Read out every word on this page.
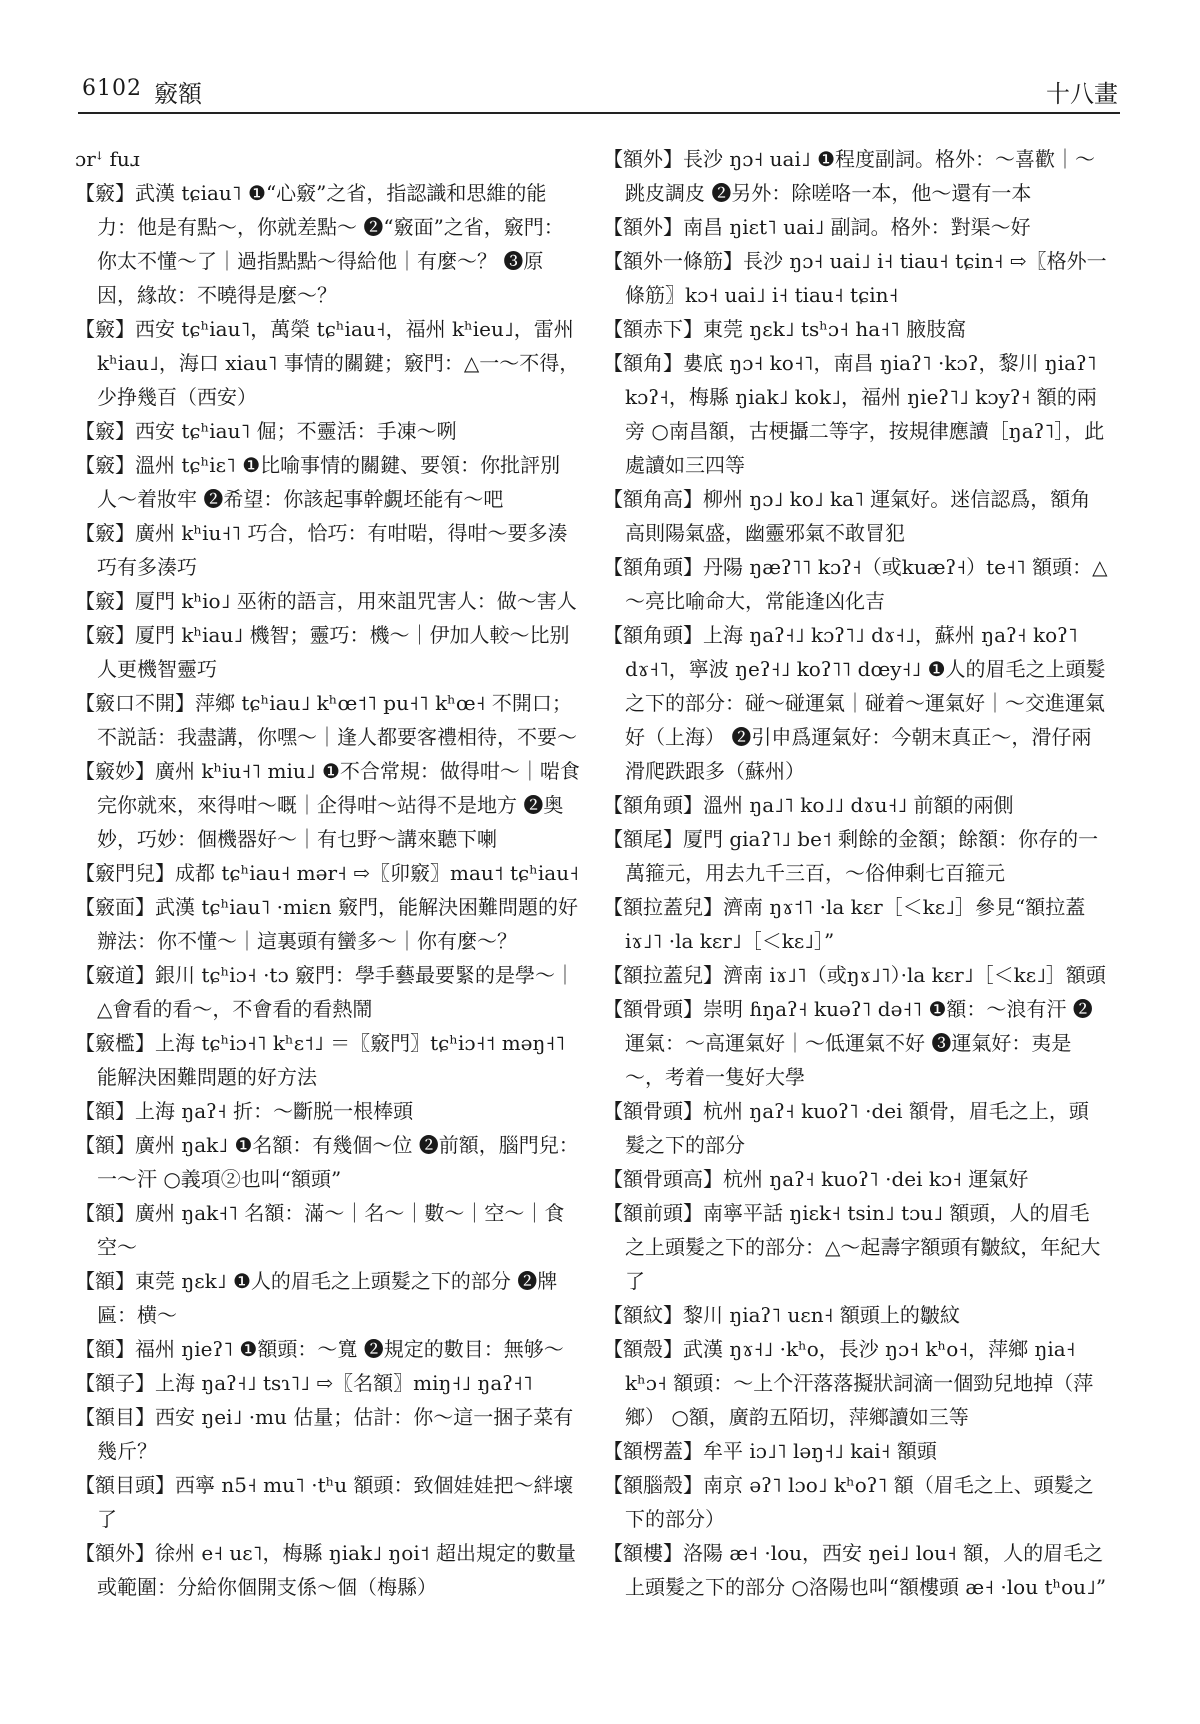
6102 竅額	十八畫
ɔrꜜ fuɹ
【竅】武漢 tɕiau˥ ❶“心竅”之省，指認識和思維的能力：他是有點～，你就差點～ ❷“竅面”之省，竅門：你太不懂～了｜過指點點～得給他｜有麼～？ ❸原因，緣故：不曉得是麼～？
【竅】西安 tɕʰiau˥，萬榮 tɕʰiau˧，福州 kʰieu˩，雷州 kʰiau˩，海口 xiau˥ 事情的關鍵；竅門：△一～不得，少挣幾百（西安）
【竅】西安 tɕʰiau˥ 倔；不靈活：手凍～咧
【竅】溫州 tɕʰiɛ˥ ❶比喻事情的關鍵、要領：你批評別人～着妝牢 ❷希望：你該起事幹覷坯能有～吧
【竅】廣州 kʰiu˧˥ 巧合，恰巧：有咁啱，得咁～要多湊巧有多湊巧
【竅】厦門 kʰio˩ 巫術的語言，用來詛咒害人：做～害人
【竅】厦門 kʰiau˩ 機智；靈巧：機～｜伊加人較～比别人更機智靈巧
【竅口不開】萍鄉 tɕʰiau˩ kʰœ˦˥ pu˧˥ kʰœ˧ 不開口；不説話：我盡講，你嘿～｜逢人都要客禮相待，不要～
【竅妙】廣州 kʰiu˧˥ miu˩ ❶不合常規：做得咁～｜啱食完你就來，來得咁～嘅｜企得咁～站得不是地方 ❷奥妙，巧妙：個機器好～｜有乜野～講來聽下喇
【竅門兒】成都 tɕʰiau˧ mər˧ ⇨〖卯竅〗mau˦ tɕʰiau˧
【竅面】武漢 tɕʰiau˥ ·miɛn 竅門，能解決困難問題的好辦法：你不懂～｜這裏頭有蠻多～｜你有麼～？
【竅道】銀川 tɕʰiɔ˧ ·tɔ 竅門：學手藝最要緊的是學～｜△會看的看～，不會看的看熱鬧
【竅檻】上海 tɕʰiɔ˧˥ kʰɛ˦˩ ＝〖竅門〗tɕʰiɔ˧˦ məŋ˧˥ 能解決困難問題的好方法
【額】上海 ŋaʔ˧ 折：～斷脱一根棒頭
【額】廣州 ŋak˩ ❶名額：有幾個～位 ❷前額，腦門兒：一～汗 ○義項②也叫“額頭”
【額】廣州 ŋak˧˥ 名額：滿～｜名～｜數～｜空～｜食空～
【額】東莞 ŋɛk˩ ❶人的眉毛之上頭髮之下的部分 ❷牌匾：横～
【額】福州 ŋieʔ˥ ❶額頭：～寬 ❷規定的數目：無够～
【額子】上海 ŋaʔ˧˩ tsɿ˥˩ ⇨〖名額〗miŋ˧˩ ŋaʔ˧˥
【額目】西安 ŋei˩ ·mu 估量；估計：你～這一捆子菜有幾斤？
【額目頭】西寧 n5˧ mu˥ ·tʰu 額頭：致個娃娃把～絆壞了
【額外】徐州 e˧ uɛ˥，梅縣 ŋiak˩ ŋoi˦ 超出規定的數量或範圍：分給你個開支係～個（梅縣）
【額外】長沙 ŋɔ˧ uai˩ ❶程度副詞。格外：～喜歡｜～跳皮調皮 ❷另外：除嗟咯一本，他～還有一本
【額外】南昌 ŋiɛt˥ uai˩ 副詞。格外：對渠～好
【額外一條筋】長沙 ŋɔ˧ uai˩ i˧ tiau˧ tɕin˧ ⇨〖格外一條筋〗kɔ˧ uai˩ i˧ tiau˧ tɕin˧
【額赤下】東莞 ŋɛk˩ tsʰɔ˧ ha˧˥ 腋肢窩
【額角】婁底 ŋɔ˧ ko˧˥，南昌 ŋiaʔ˥ ·kɔʔ，黎川 ŋiaʔ˥ kɔʔ˧，梅縣 ŋiak˩ kok˩，福州 ŋieʔ˥˩ kɔyʔ˧ 額的兩旁 ○南昌額，古梗攝二等字，按規律應讀［ŋaʔ˥］，此處讀如三四等
【額角高】柳州 ŋɔ˩ ko˩ ka˥ 運氣好。迷信認爲，額角高則陽氣盛，幽靈邪氣不敢冒犯
【額角頭】丹陽 ŋæʔ˥˥ kɔʔ˧（或kuæʔ˧）te˧˥ 額頭：△～亮比喻命大，常能逢凶化吉
【額角頭】上海 ŋaʔ˧˩ kɔʔ˥˩ dɤ˧˩，蘇州 ŋaʔ˧ koʔ˥ dɤ˧˥，寧波 ŋeʔ˧˩ koʔ˥˥ dœy˧˩ ❶人的眉毛之上頭髮之下的部分：碰～碰運氣｜碰着～運氣好｜～交進運氣好（上海） ❷引申爲運氣好：今朝末真正～，滑仔兩滑爬跌跟多（蘇州）
【額角頭】溫州 ŋa˩˥ ko˩˩ dɤu˧˩ 前額的兩側
【額尾】厦門 giaʔ˥˩ be˦ 剩餘的金額；餘額：你存的一萬箍元，用去九千三百，～俗伸剩七百箍元
【額拉蓋兒】濟南 ŋɤ˦˥ ·la kɛr［＜kɛ˩］參見“額拉蓋 iɤ˩˥ ·la kɛr˩［＜kɛ˩］”
【額拉蓋兒】濟南 iɤ˩˥（或ŋɤ˩˥）·la kɛr˩［＜kɛ˩］額頭
【額骨頭】崇明 ɦŋaʔ˧ kuəʔ˥ də˧˥ ❶額：～浪有汗 ❷運氣：～高運氣好｜～低運氣不好 ❸運氣好：夷是～，考着一隻好大學
【額骨頭】杭州 ŋaʔ˧ kuoʔ˥ ·dei 額骨，眉毛之上，頭髮之下的部分
【額骨頭高】杭州 ŋaʔ˧ kuoʔ˥ ·dei kɔ˧ 運氣好
【額前頭】南寧平話 ŋiɛk˧ tsin˩ tɔu˩ 額頭，人的眉毛之上頭髮之下的部分：△～起壽字額頭有皺紋，年紀大了
【額紋】黎川 ŋiaʔ˥ uɛn˧ 額頭上的皺紋
【額殼】武漢 ŋɤ˧˩ ·kʰo，長沙 ŋɔ˧ kʰo˧，萍鄉 ŋia˧ kʰɔ˧ 額頭：～上个汗落落擬狀詞滴一個勁兒地掉（萍鄉） ○額，廣韵五陌切，萍鄉讀如三等
【額楞蓋】牟平 iɔ˩˥ ləŋ˧˩ kai˧ 額頭
【額腦殼】南京 əʔ˥ lɔo˩ kʰoʔ˥ 額（眉毛之上、頭髮之下的部分）
【額樓】洛陽 æ˧ ·lou，西安 ŋei˩ lou˧ 額，人的眉毛之上頭髮之下的部分 ○洛陽也叫“額樓頭 æ˧ ·lou tʰou˩”
